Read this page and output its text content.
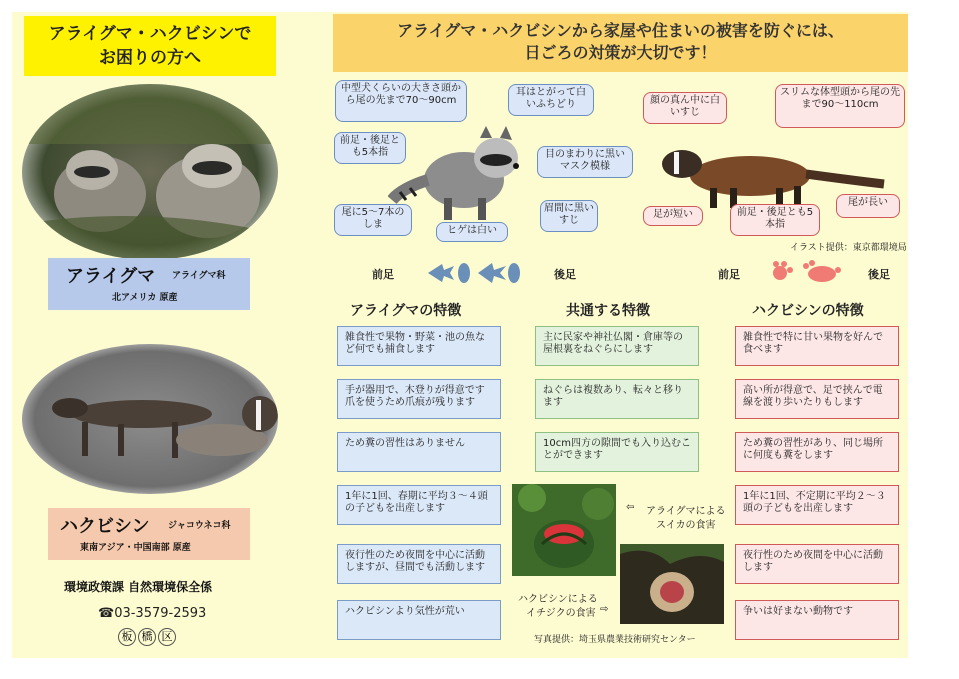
アライグマ・ハクビシンで
お困りの方へ
アライグマ・ハクビシンから家屋や住まいの被害を防ぐには、
日ごろの対策が大切です！
アライグマ アライグマ科
北アメリカ 原産
ハクビシン ジャコウネコ科
東南アジア・中国南部 原産
環境政策課 自然環境保全係
☎03-3579-2593
板 橋 区
中型犬くらいの大きさ頭から尾の先まで70〜90cm
耳はとがって白いふちどり
前足・後足とも5本指	目のまわりに黒いマスク模様
尾に5〜7本のしま
ヒゲは白い
眉間に黒いすじ
顔の真ん中に白いすじ
スリムな体型頭から尾の先まで90〜110cm
足が短い	前足・後足とも5本指
尾が長い
イラスト提供：東京都環境局
前足	後足	前足	後足
アライグマの特徴	共通する特徴	ハクビシンの特徴
雑食性で果物・野菜・池の魚など何でも捕食します
手が器用で、木登りが得意です爪を使うため爪痕が残ります
ため糞の習性はありません
1年に1回、春期に平均３〜４頭の子どもを出産します
夜行性のため夜間を中心に活動しますが、昼間でも活動します
ハクビシンより気性が荒い
主に民家や神社仏閣・倉庫等の屋根裏をねぐらにします
ねぐらは複数あり、転々と移ります
10cm四方の隙間でも入り込むことができます
雑食性で特に甘い果物を好んで食べます
高い所が得意で、足で挟んで電線を渡り歩いたりもします
ため糞の習性があり、同じ場所に何度も糞をします
1年に1回、不定期に平均２〜３頭の子どもを出産します
夜行性のため夜間を中心に活動します
争いは好まない動物です
⇦ アライグマによる
スイカの食害
ハクビシンによる
イチジクの食害 ⇨
写真提供：埼玉県農業技術研究センター
